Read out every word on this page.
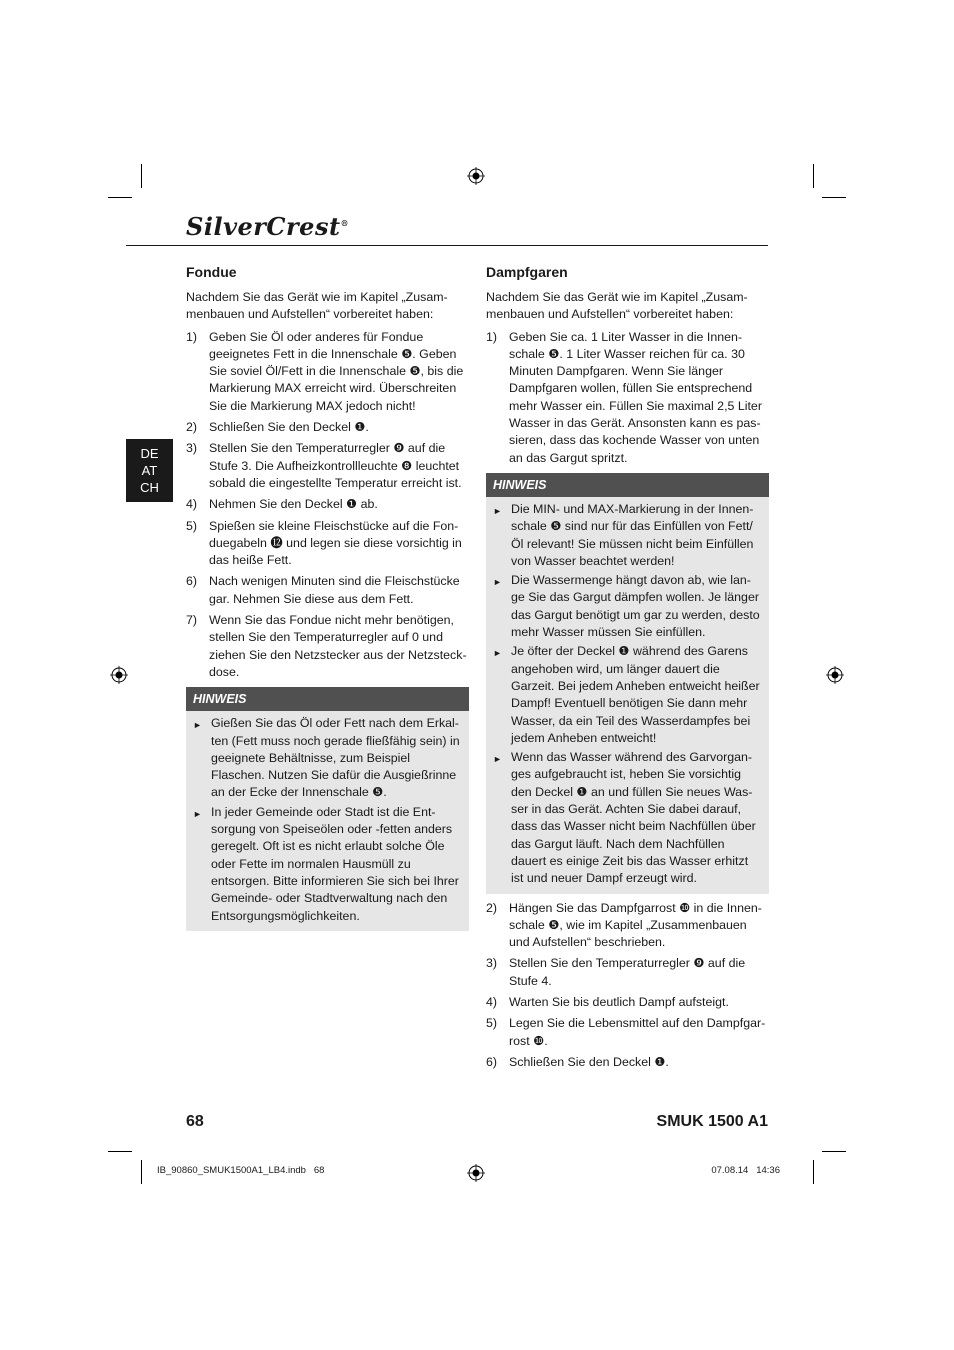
SilverCrest®
DE
AT
CH
Fondue

Nachdem Sie das Gerät wie im Kapitel „Zusam-menbauen und Aufstellen“ vorbereitet haben:

1) Geben Sie Öl oder anderes für Fondue geeignetes Fett in die Innenschale ❺. Geben Sie soviel Öl/Fett in die Innenschale ❺, bis die Markierung MAX erreicht wird. Überschreiten Sie die Markierung MAX jedoch nicht!
2) Schließen Sie den Deckel ❶.
3) Stellen Sie den Temperaturregler ❾ auf die Stufe 3. Die Aufheizkontrollleuchte ❽ leuchtet sobald die eingestellte Temperatur erreicht ist.
4) Nehmen Sie den Deckel ❶ ab.
5) Spießen sie kleine Fleischstücke auf die Fon-duegabeln ⓬ und legen sie diese vorsichtig in das heiße Fett.
6) Nach wenigen Minuten sind die Fleischstücke gar. Nehmen Sie diese aus dem Fett.
7) Wenn Sie das Fondue nicht mehr benötigen, stellen Sie den Temperaturregler auf 0 und ziehen Sie den Netzstecker aus der Netzsteck-dose.
HINWEIS
► Gießen Sie das Öl oder Fett nach dem Erkal-ten (Fett muss noch gerade fließfähig sein) in geeignete Behältnisse, zum Beispiel Flaschen. Nutzen Sie dafür die Ausgießrinne an der Ecke der Innenschale ❺.
► In jeder Gemeinde oder Stadt ist die Ent-sorgung von Speiseölen oder -fetten anders geregelt. Oft ist es nicht erlaubt solche Öle oder Fette im normalen Hausmüll zu entsorgen. Bitte informieren Sie sich bei Ihrer Gemeinde- oder Stadtverwaltung nach den Entsorgungsmöglichkeiten.
Dampfgaren

Nachdem Sie das Gerät wie im Kapitel „Zusam-menbauen und Aufstellen“ vorbereitet haben:

1) Geben Sie ca. 1 Liter Wasser in die Innen-schale ❺. 1 Liter Wasser reichen für ca. 30 Minuten Dampfgaren. Wenn Sie länger Dampfgaren wollen, füllen Sie entsprechend mehr Wasser ein. Füllen Sie maximal 2,5 Liter Wasser in das Gerät. Ansonsten kann es pas-sieren, dass das kochende Wasser von unten an das Gargut spritzt.
HINWEIS
► Die MIN- und MAX-Markierung in der Innen-schale ❺ sind nur für das Einfüllen von Fett/Öl relevant! Sie müssen nicht beim Einfüllen von Wasser beachtet werden!
► Die Wassermenge hängt davon ab, wie lan-ge Sie das Gargut dämpfen wollen. Je länger das Gargut benötigt um gar zu werden, desto mehr Wasser müssen Sie einfüllen.
► Je öfter der Deckel ❶ während des Garens angehoben wird, um länger dauert die Garzeit. Bei jedem Anheben entweicht heißer Dampf! Eventuell benötigen Sie dann mehr Wasser, da ein Teil des Wasserdampfes bei jedem Anheben entweicht!
► Wenn das Wasser während des Garvorgan-ges aufgebraucht ist, heben Sie vorsichtig den Deckel ❶ an und füllen Sie neues Was-ser in das Gerät. Achten Sie dabei darauf, dass das Wasser nicht beim Nachfüllen über das Gargut läuft. Nach dem Nachfüllen dauert es einige Zeit bis das Wasser erhitzt ist und neuer Dampf erzeugt wird.
2) Hängen Sie das Dampfgarrost ❿ in die Innen-schale ❺, wie im Kapitel „Zusammenbauen und Aufstellen“ beschrieben.
3) Stellen Sie den Temperaturregler ❾ auf die Stufe 4.
4) Warten Sie bis deutlich Dampf aufsteigt.
5) Legen Sie die Lebensmittel auf den Dampfgar-rost ❿.
6) Schließen Sie den Deckel ❶.
68	SMUK 1500 A1
IB_90860_SMUK1500A1_LB4.indb   68	07.08.14   14:36
